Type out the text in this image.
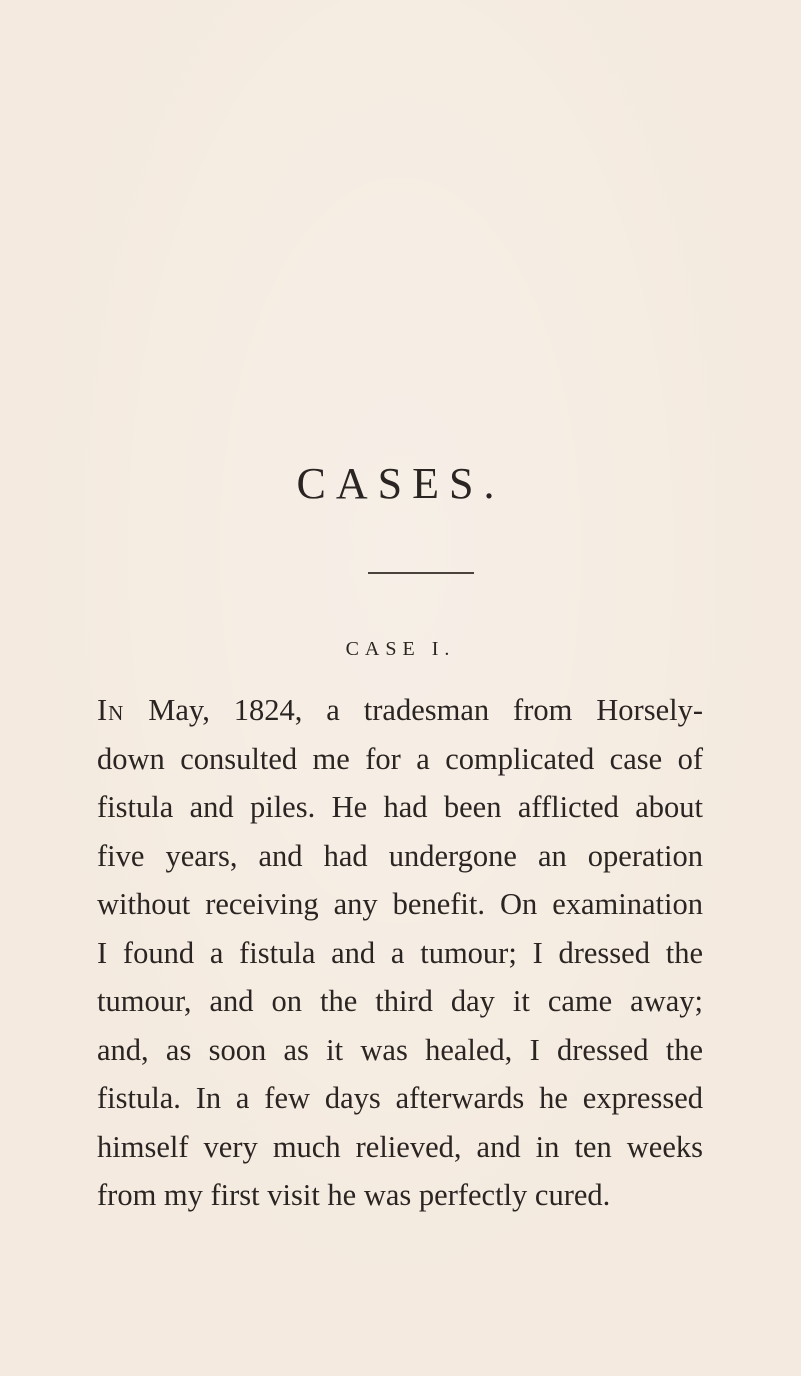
CASES.
CASE I.

In May, 1824, a tradesman from Horsely-
down consulted me for a complicated case of
fistula and piles. He had been afflicted about
five years, and had undergone an operation
without receiving any benefit. On examination
I found a fistula and a tumour; I dressed the
tumour, and on the third day it came away;
and, as soon as it was healed, I dressed the
fistula. In a few days afterwards he expressed
himself very much relieved, and in ten weeks
from my first visit he was perfectly cured.
